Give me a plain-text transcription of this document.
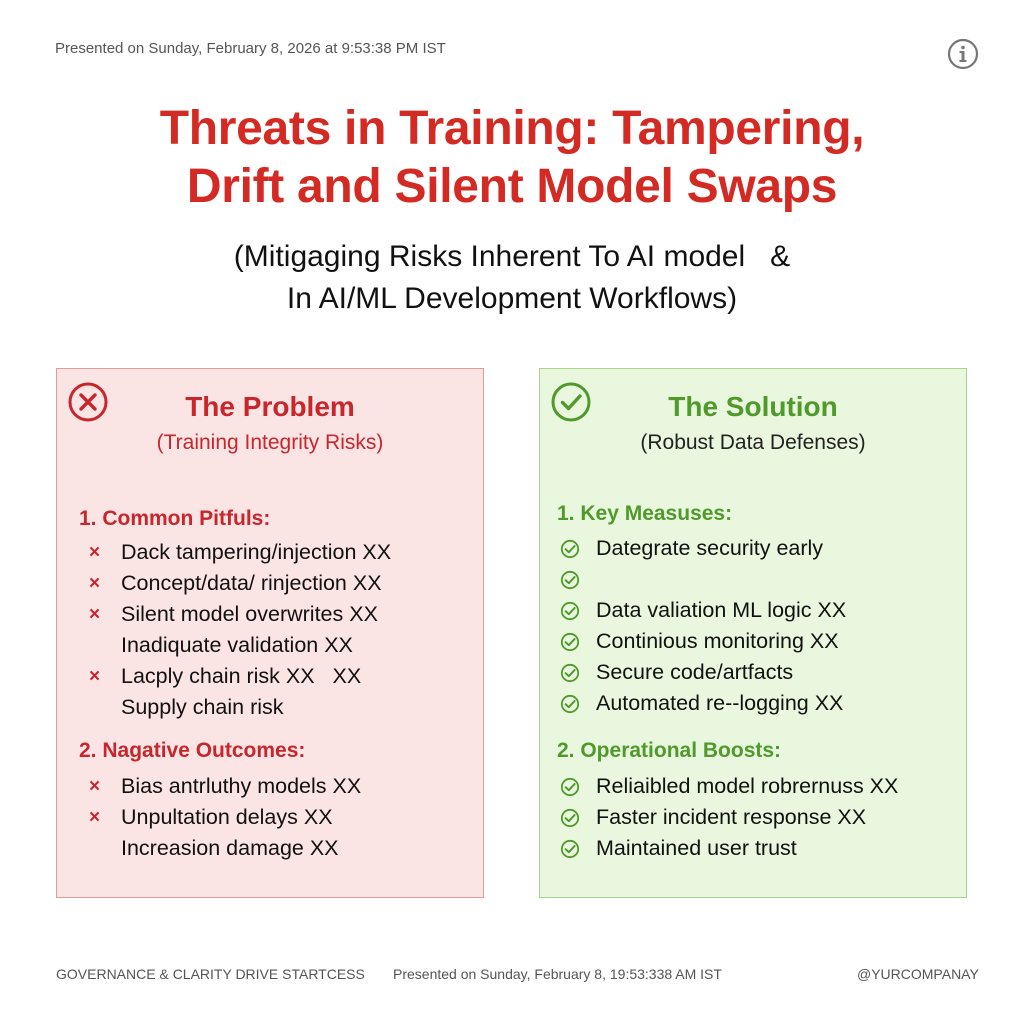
Presented on Sunday, February 8, 2026 at 9:53:38 PM IST
Threats in Training: Tampering,
Drift and Silent Model Swaps
(Mitigaging Risks Inherent To AI model   &
In AI/ML Development Workflows)
The Problem
(Training Integrity Risks)
1. Common Pitfuls:
× Dack tampering/injection XX
× Concept/data/ rinjection XX
× Silent model overwrites XX
Inadiquate validation XX
× Lacply chain risk XX   XX
Supply chain risk
2. Nagative Outcomes:
× Bias antrluthy models XX
× Unpultation delays XX
Increasion damage XX
The Solution
(Robust Data Defenses)
1. Key Measuses:
Dategrate security early
Data valiation ML logic XX
Continious monitoring XX
Secure code/artfacts
Automated re--logging XX
2. Operational Boosts:
Reliaibled model robrernuss XX
Faster incident response XX
Maintained user trust
GOVERNANCE & CLARITY DRIVE STARTCESS Presented on Sunday, February 8, 19:53:338 AM IST	@YURCOMPANAY
